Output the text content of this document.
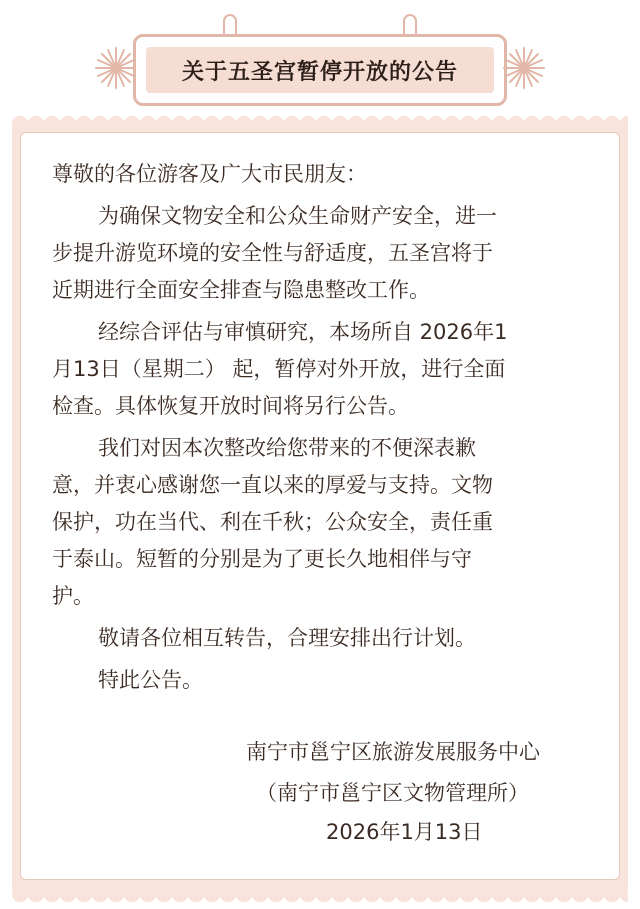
关于五圣宫暂停开放的公告
尊敬的各位游客及广大市民朋友：
为确保文物安全和公众生命财产安全，进一
步提升游览环境的安全性与舒适度，五圣宫将于
近期进行全面安全排查与隐患整改工作。
经综合评估与审慎研究，本场所自 2026年1
月13日（星期二） 起，暂停对外开放，进行全面
检查。具体恢复开放时间将另行公告。
我们对因本次整改给您带来的不便深表歉
意，并衷心感谢您一直以来的厚爱与支持。文物
保护，功在当代、利在千秋；公众安全，责任重
于泰山。短暂的分别是为了更长久地相伴与守
护。
敬请各位相互转告，合理安排出行计划。
特此公告。
南宁市邕宁区旅游发展服务中心
（南宁市邕宁区文物管理所）
2026年1月13日
